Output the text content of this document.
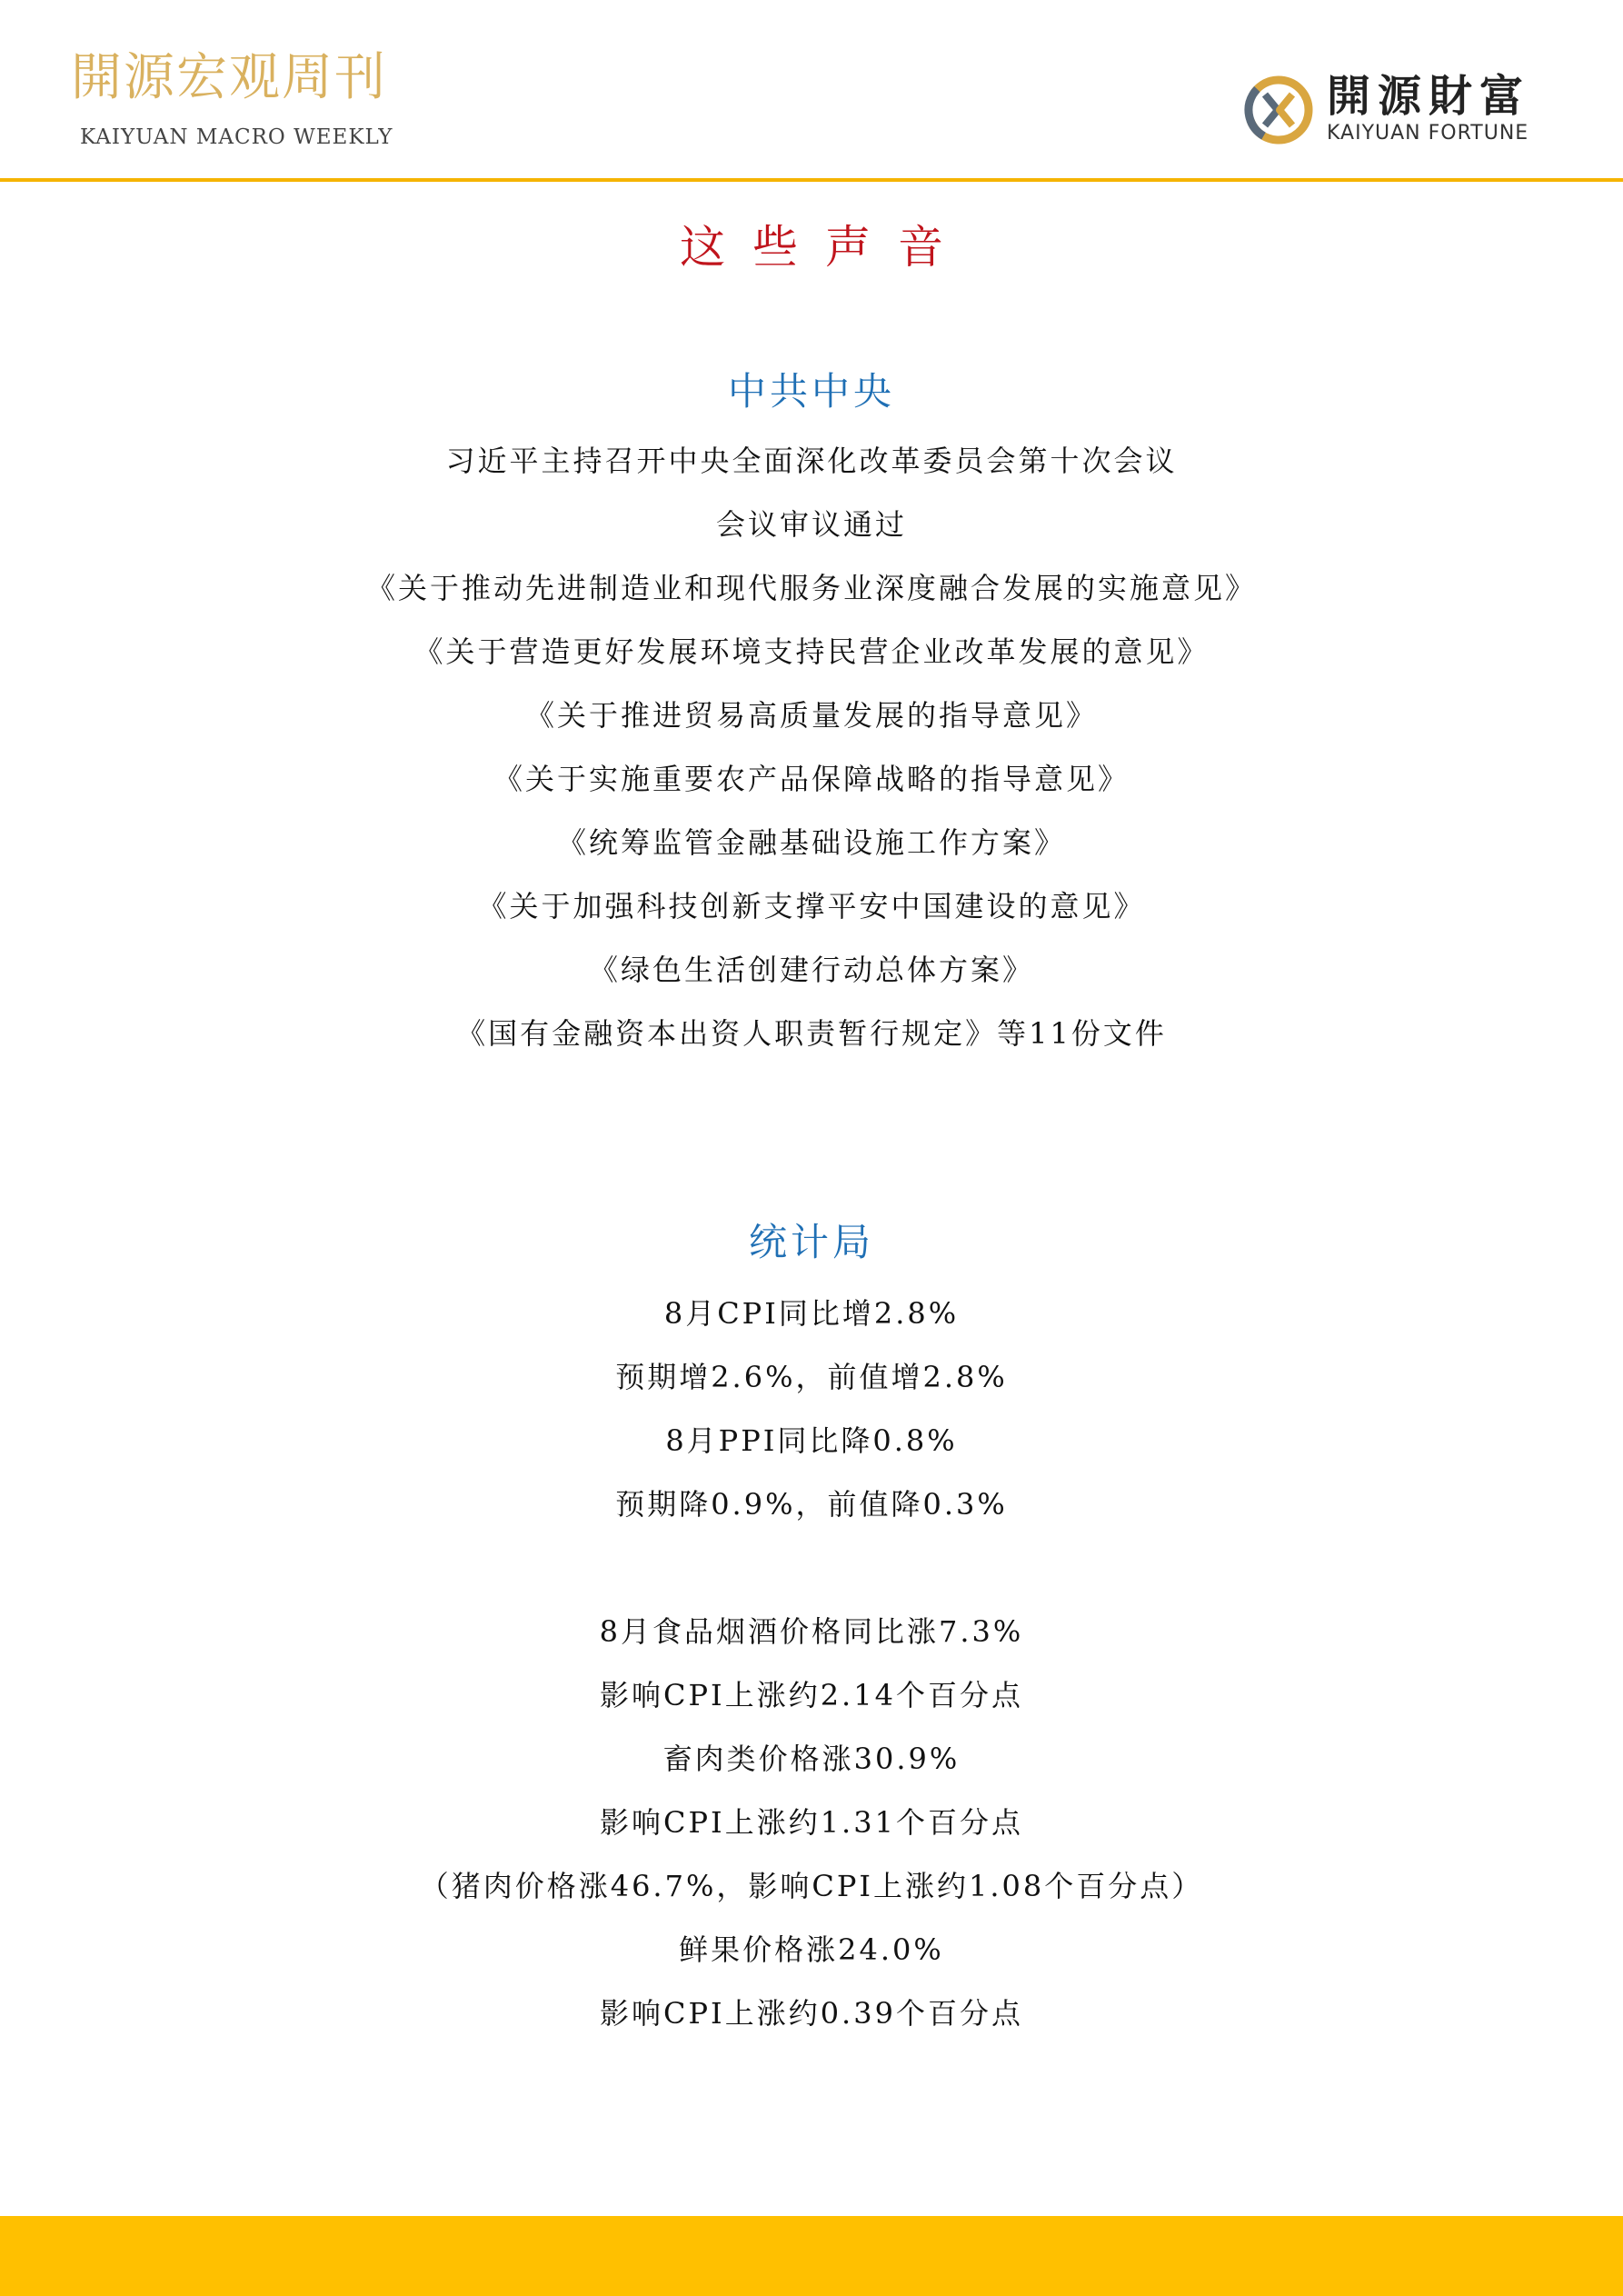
開源宏观周刊
KAIYUAN MACRO WEEKLY
開源財富
KAIYUAN FORTUNE
这些声音
中共中央
习近平主持召开中央全面深化改革委员会第十次会议
会议审议通过
《关于推动先进制造业和现代服务业深度融合发展的实施意见》
《关于营造更好发展环境支持民营企业改革发展的意见》
《关于推进贸易高质量发展的指导意见》
《关于实施重要农产品保障战略的指导意见》
《统筹监管金融基础设施工作方案》
《关于加强科技创新支撑平安中国建设的意见》
《绿色生活创建行动总体方案》
《国有金融资本出资人职责暂行规定》等11份文件
统计局
8月CPI同比增2.8%
预期增2.6%，前值增2.8%
8月PPI同比降0.8%
预期降0.9%，前值降0.3%
8月食品烟酒价格同比涨7.3%
影响CPI上涨约2.14个百分点
畜肉类价格涨30.9%
影响CPI上涨约1.31个百分点
（猪肉价格涨46.7%，影响CPI上涨约1.08个百分点）
鲜果价格涨24.0%
影响CPI上涨约0.39个百分点
